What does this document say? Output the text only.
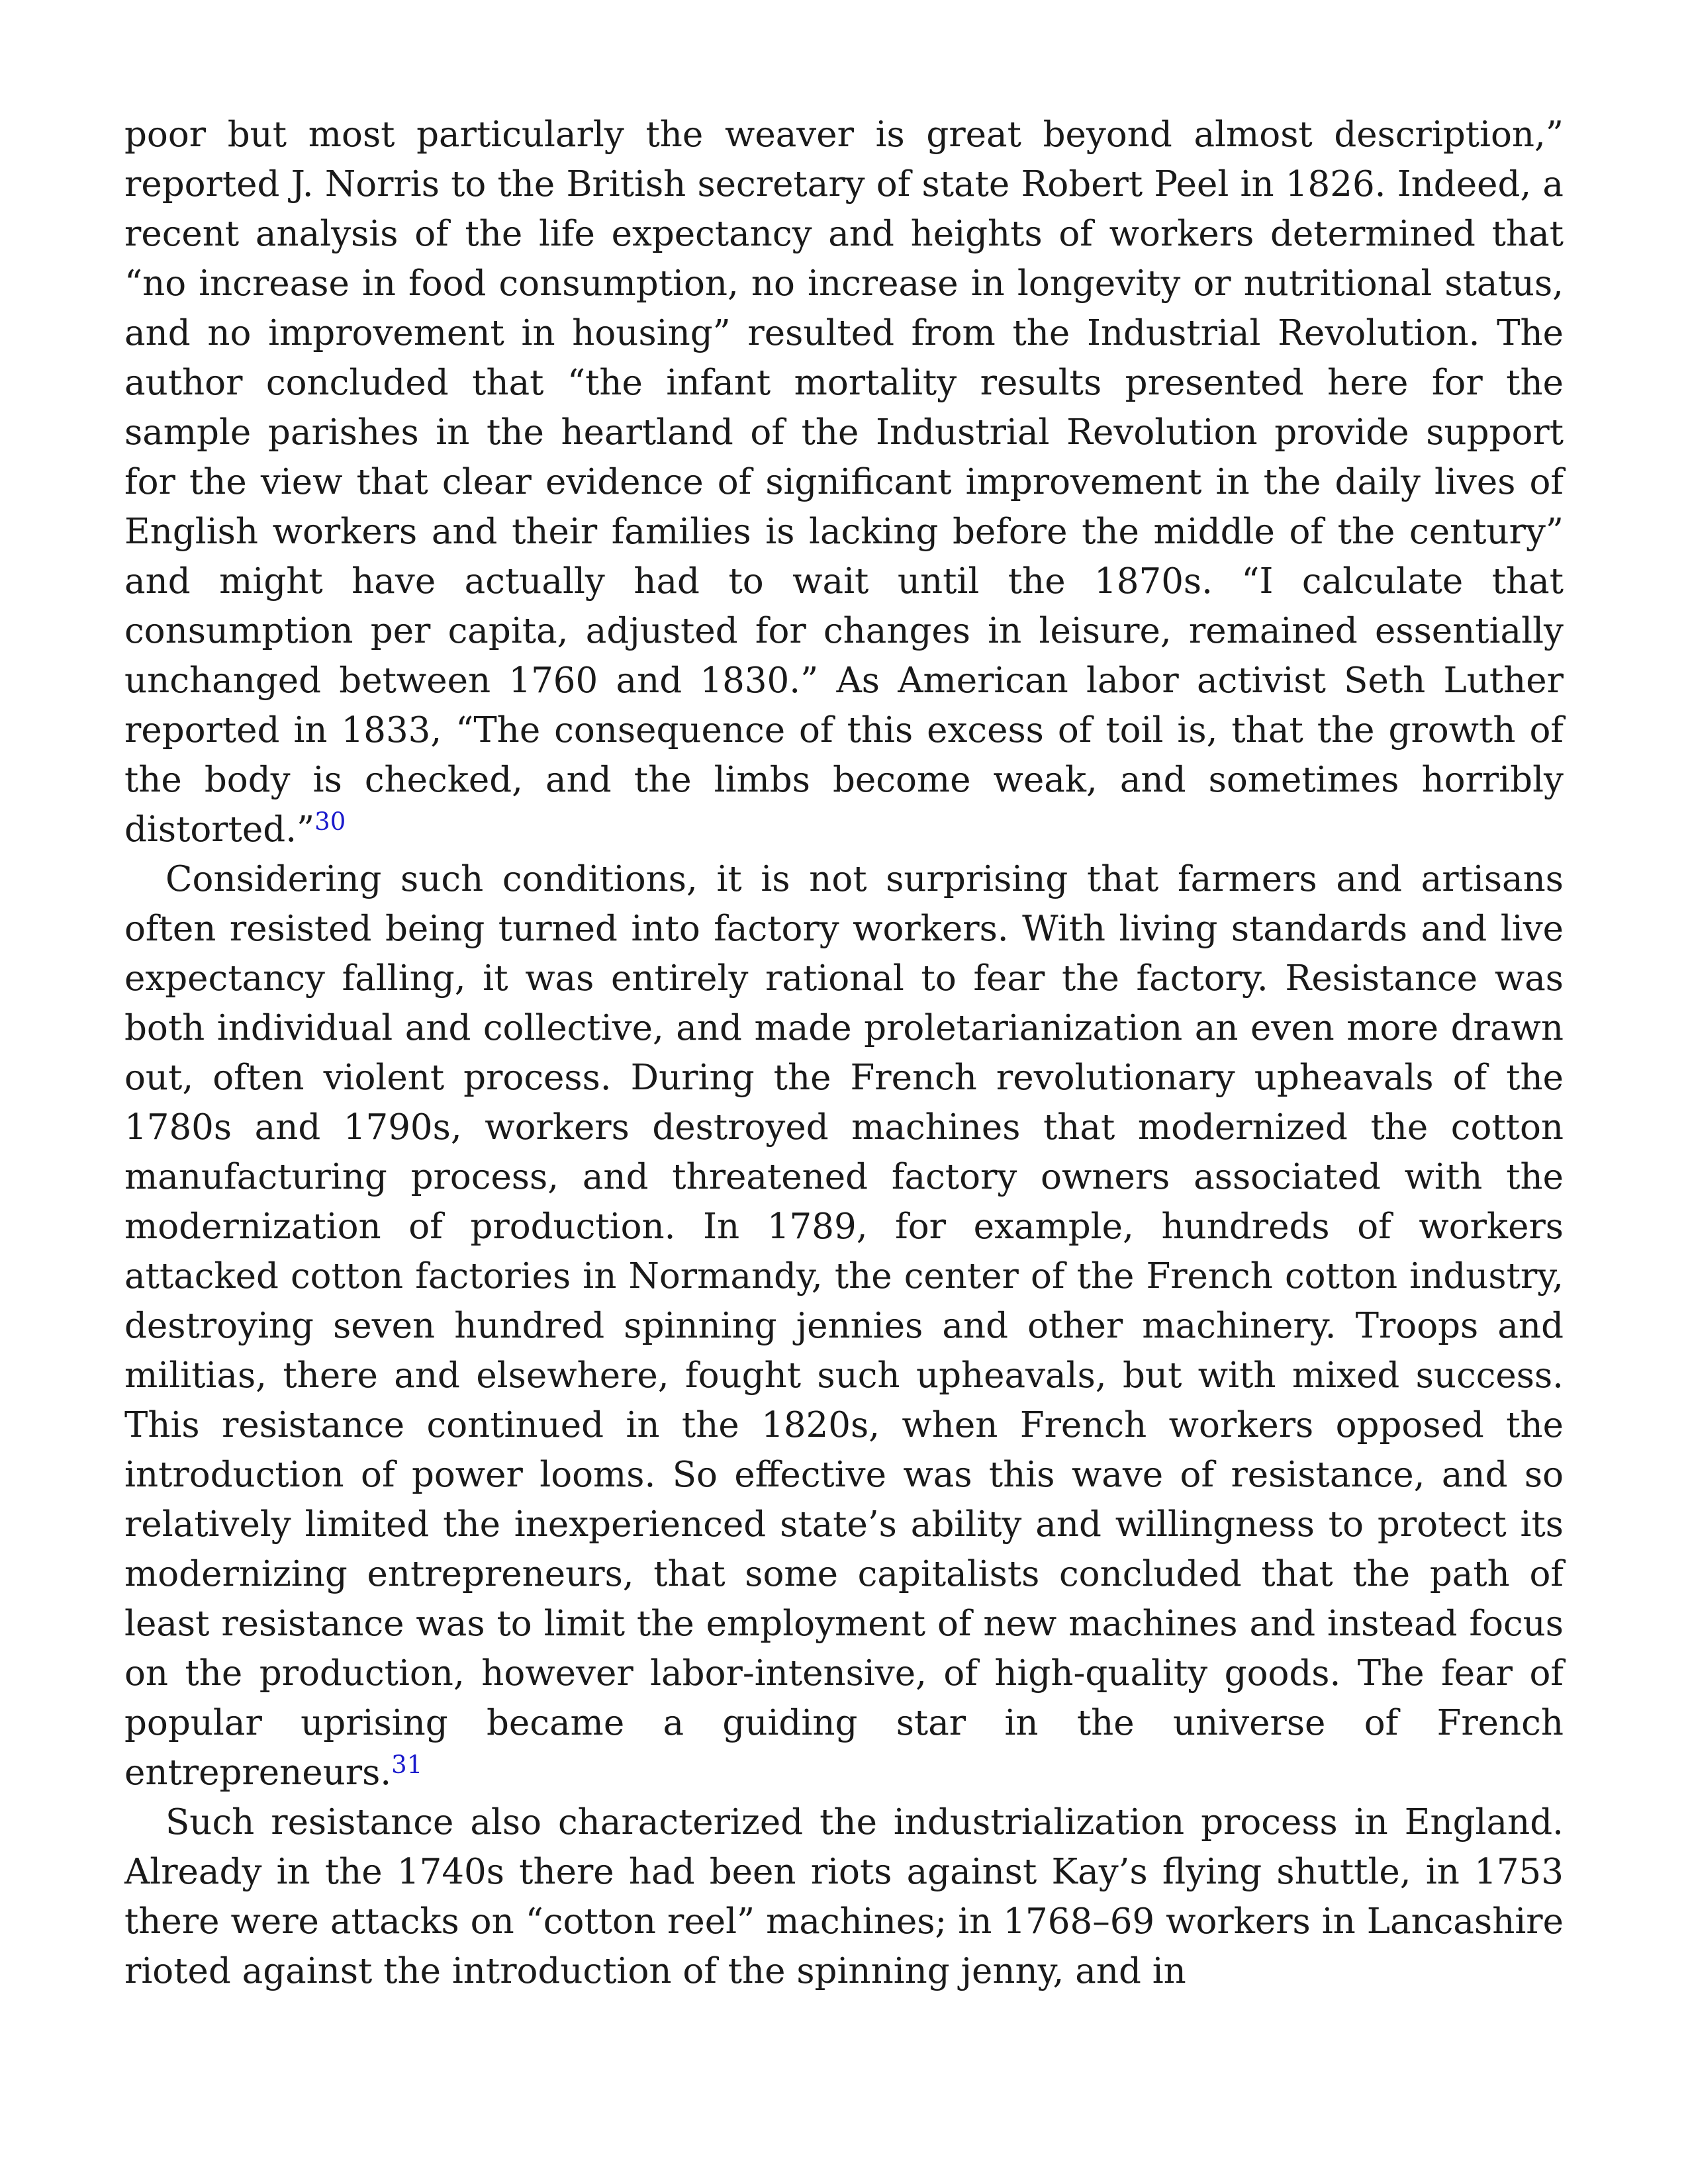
poor but most particularly the weaver is great beyond almost description,” reported J. Norris to the British secretary of state Robert Peel in 1826. Indeed, a recent analysis of the life expectancy and heights of workers determined that “no increase in food consumption, no increase in longevity or nutritional status, and no improvement in housing” resulted from the Industrial Revolution. The author concluded that “the infant mortality results presented here for the sample parishes in the heartland of the Industrial Revolution provide support for the view that clear evidence of significant improvement in the daily lives of English workers and their families is lacking before the middle of the century” and might have actually had to wait until the 1870s. “I calculate that consumption per capita, adjusted for changes in leisure, remained essentially unchanged between 1760 and 1830.” As American labor activist Seth Luther reported in 1833, “The consequence of this excess of toil is, that the growth of the body is checked, and the limbs become weak, and sometimes horribly distorted.”$^{30}$

Considering such conditions, it is not surprising that farmers and artisans often resisted being turned into factory workers. With living standards and live expectancy falling, it was entirely rational to fear the factory. Resistance was both individual and collective, and made proletarianization an even more drawn out, often violent process. During the French revolutionary upheavals of the 1780s and 1790s, workers destroyed machines that modernized the cotton manufacturing process, and threatened factory owners associated with the modernization of production. In 1789, for example, hundreds of workers attacked cotton factories in Normandy, the center of the French cotton industry, destroying seven hundred spinning jennies and other machinery. Troops and militias, there and elsewhere, fought such upheavals, but with mixed success. This resistance continued in the 1820s, when French workers opposed the introduction of power looms. So effective was this wave of resistance, and so relatively limited the inexperienced state’s ability and willingness to protect its modernizing entrepreneurs, that some capitalists concluded that the path of least resistance was to limit the employment of new machines and instead focus on the production, however labor-intensive, of high-quality goods. The fear of popular uprising became a guiding star in the universe of French entrepreneurs.$^{31}$

Such resistance also characterized the industrialization process in England. Already in the 1740s there had been riots against Kay’s flying shuttle, in 1753 there were attacks on “cotton reel” machines; in 1768–69 workers in Lancashire rioted against the introduction of the spinning jenny, and in
